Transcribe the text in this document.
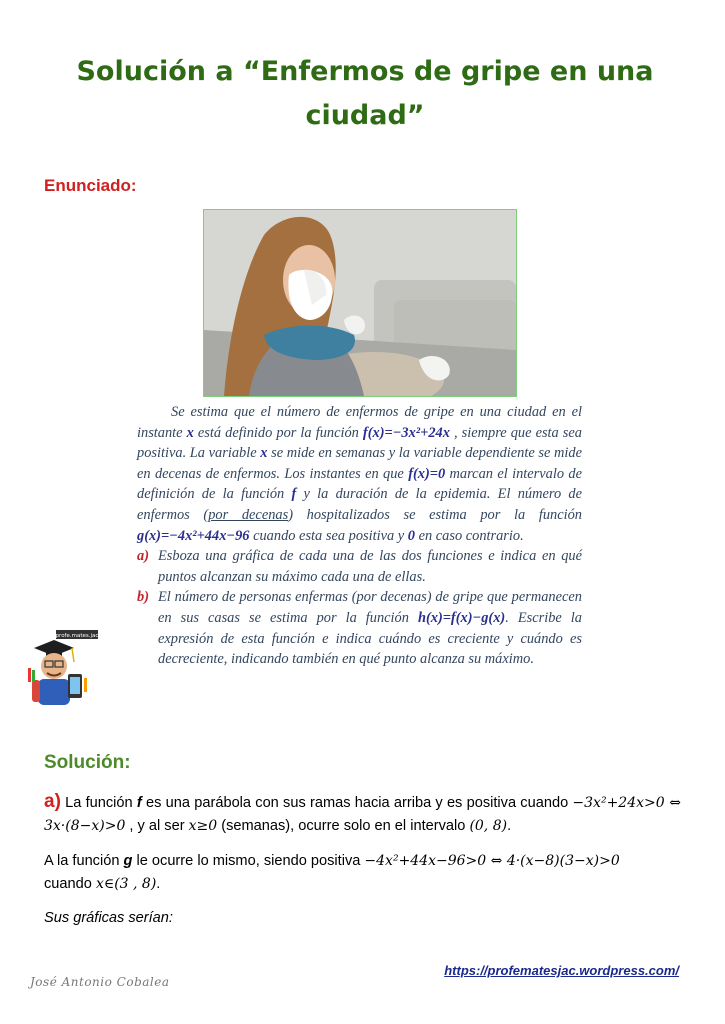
Solución a “Enfermos de gripe en una ciudad”
Enunciado:

Se estima que el número de enfermos de gripe en una ciudad en el instante x está definido por la función f(x)=−3x²+24x , siempre que esta sea positiva. La variable x se mide en semanas y la variable dependiente se mide en decenas de enfermos. Los instantes en que f(x)=0 marcan el intervalo de definición de la función f y la duración de la epidemia. El número de enfermos (por decenas) hospitalizados se estima por la función g(x)=−4x²+44x−96 cuando esta sea positiva y 0 en caso contrario.

a) Esboza una gráfica de cada una de las dos funciones e indica en qué puntos alcanzan su máximo cada una de ellas.

b) El número de personas enfermas (por decenas) de gripe que permanecen en sus casas se estima por la función h(x)=f(x)−g(x). Escribe la expresión de esta función e indica cuándo es creciente y cuándo es decreciente, indicando también en qué punto alcanza su máximo.

profe.mates.jac
Solución:

a) La función f es una parábola con sus ramas hacia arriba y es positiva cuando −3x²+24x>0 ⇔ 3x·(8−x)>0 , y al ser x≥0 (semanas), ocurre solo en el intervalo (0, 8).

A la función g le ocurre lo mismo, siendo positiva −4x²+44x−96>0 ⇔ 4·(x−8)(3−x)>0
cuando x∈(3 , 8).

Sus gráficas serían:

José Antonio Cobalea
https://profematesjac.wordpress.com/
